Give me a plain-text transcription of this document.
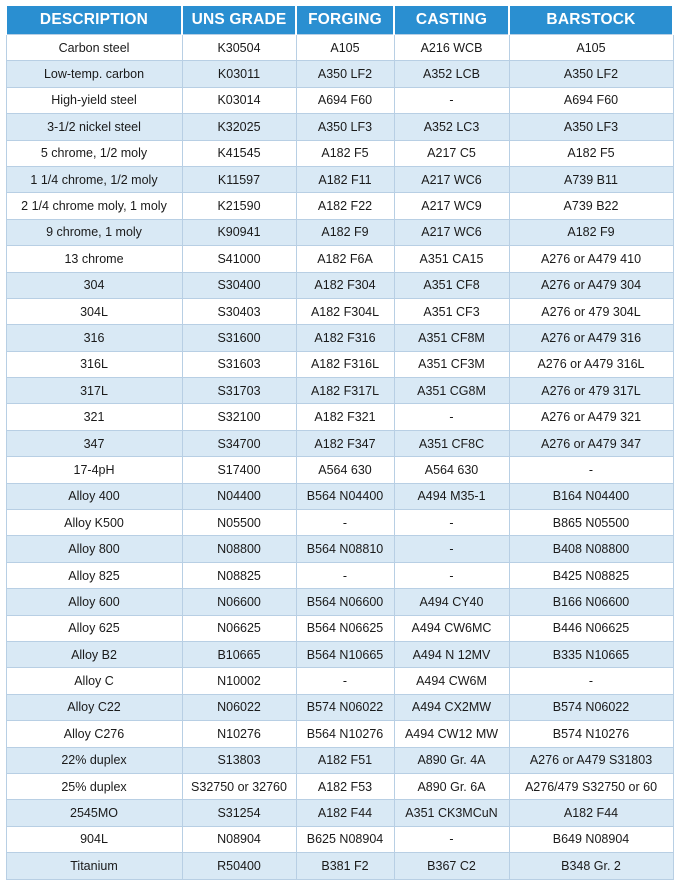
DESCRIPTION	UNS GRADE	FORGING	CASTING	BARSTOCK
Carbon steel	K30504	A105	A216 WCB	A105
Low-temp. carbon	K03011	A350 LF2	A352 LCB	A350 LF2
High-yield steel	K03014	A694 F60	-	A694 F60
3-1/2 nickel steel	K32025	A350 LF3	A352 LC3	A350 LF3
5 chrome, 1/2 moly	K41545	A182 F5	A217 C5	A182 F5
1 1/4 chrome, 1/2 moly	K11597	A182 F11	A217 WC6	A739 B11
2 1/4 chrome moly, 1 moly	K21590	A182 F22	A217 WC9	A739 B22
9 chrome, 1 moly	K90941	A182 F9	A217 WC6	A182 F9
13 chrome	S41000	A182 F6A	A351 CA15	A276 or A479 410
304	S30400	A182 F304	A351 CF8	A276 or A479 304
304L	S30403	A182 F304L	A351 CF3	A276 or 479 304L
316	S31600	A182 F316	A351 CF8M	A276 or A479 316
316L	S31603	A182 F316L	A351 CF3M	A276 or A479 316L
317L	S31703	A182 F317L	A351 CG8M	A276 or 479 317L
321	S32100	A182 F321	-	A276 or A479 321
347	S34700	A182 F347	A351 CF8C	A276 or A479 347
17-4pH	S17400	A564 630	A564 630	-
Alloy 400	N04400	B564 N04400	A494 M35-1	B164 N04400
Alloy K500	N05500	-	-	B865 N05500
Alloy 800	N08800	B564 N08810	-	B408 N08800
Alloy 825	N08825	-	-	B425 N08825
Alloy 600	N06600	B564 N06600	A494 CY40	B166 N06600
Alloy 625	N06625	B564 N06625	A494 CW6MC	B446 N06625
Alloy B2	B10665	B564 N10665	A494 N 12MV	B335 N10665
Alloy C	N10002	-	A494 CW6M	-
Alloy C22	N06022	B574 N06022	A494 CX2MW	B574 N06022
Alloy C276	N10276	B564 N10276	A494 CW12 MW	B574 N10276
22% duplex	S13803	A182 F51	A890 Gr. 4A	A276 or A479 S31803
25% duplex	S32750 or 32760	A182 F53	A890 Gr. 6A	A276/479 S32750 or 60
2545MO	S31254	A182 F44	A351 CK3MCuN	A182 F44
904L	N08904	B625 N08904	-	B649 N08904
Titanium	R50400	B381 F2	B367 C2	B348 Gr. 2
